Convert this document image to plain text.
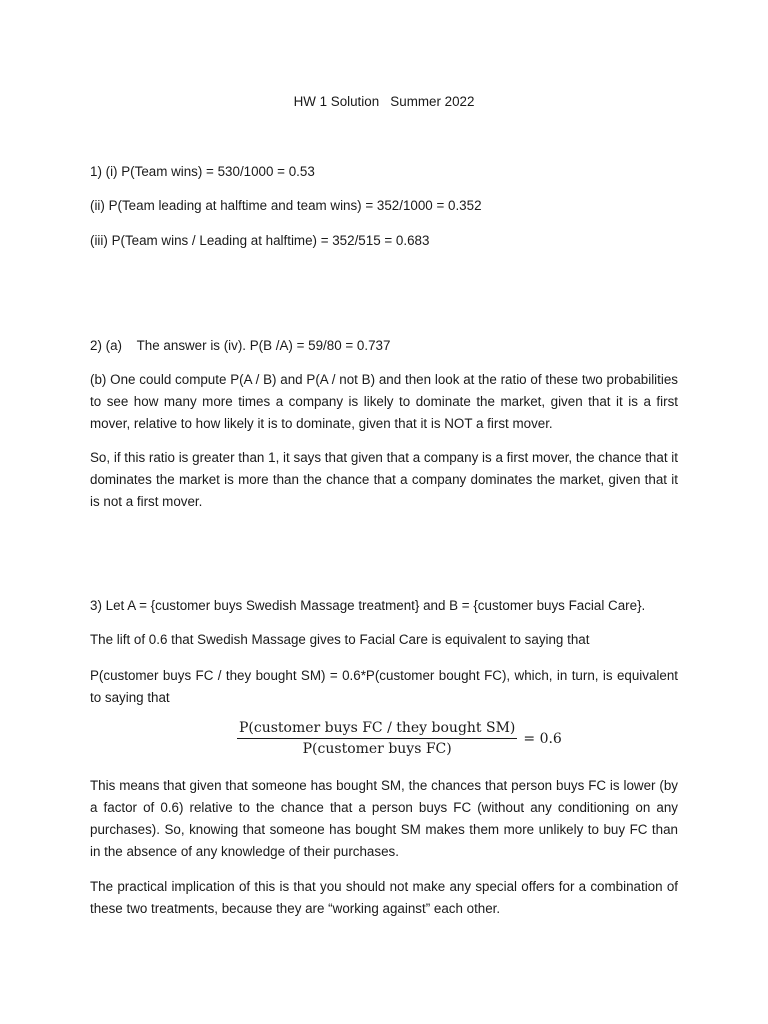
HW 1 Solution   Summer 2022
1) (i) P(Team wins) = 530/1000 = 0.53
(ii) P(Team leading at halftime and team wins) = 352/1000 = 0.352
(iii) P(Team wins / Leading at halftime) = 352/515 = 0.683
2) (a)    The answer is (iv). P(B /A) = 59/80 = 0.737
(b) One could compute P(A / B) and P(A / not B) and then look at the ratio of these two probabilities to see how many more times a company is likely to dominate the market, given that it is a first mover, relative to how likely it is to dominate, given that it is NOT a first mover.
So, if this ratio is greater than 1, it says that given that a company is a first mover, the chance that it dominates the market is more than the chance that a company dominates the market, given that it is not a first mover.
3) Let A = {customer buys Swedish Massage treatment} and B = {customer buys Facial Care}.
The lift of 0.6 that Swedish Massage gives to Facial Care is equivalent to saying that
P(customer buys FC / they bought SM) = 0.6*P(customer bought FC), which, in turn, is equivalent to saying that
$\frac{\text{P(customer buys FC / they bought SM)}}{\text{P(customer buys FC)}} = 0.6$
This means that given that someone has bought SM, the chances that person buys FC is lower (by a factor of 0.6) relative to the chance that a person buys FC (without any conditioning on any purchases). So, knowing that someone has bought SM makes them more unlikely to buy FC than in the absence of any knowledge of their purchases.
The practical implication of this is that you should not make any special offers for a combination of these two treatments, because they are “working against” each other.
